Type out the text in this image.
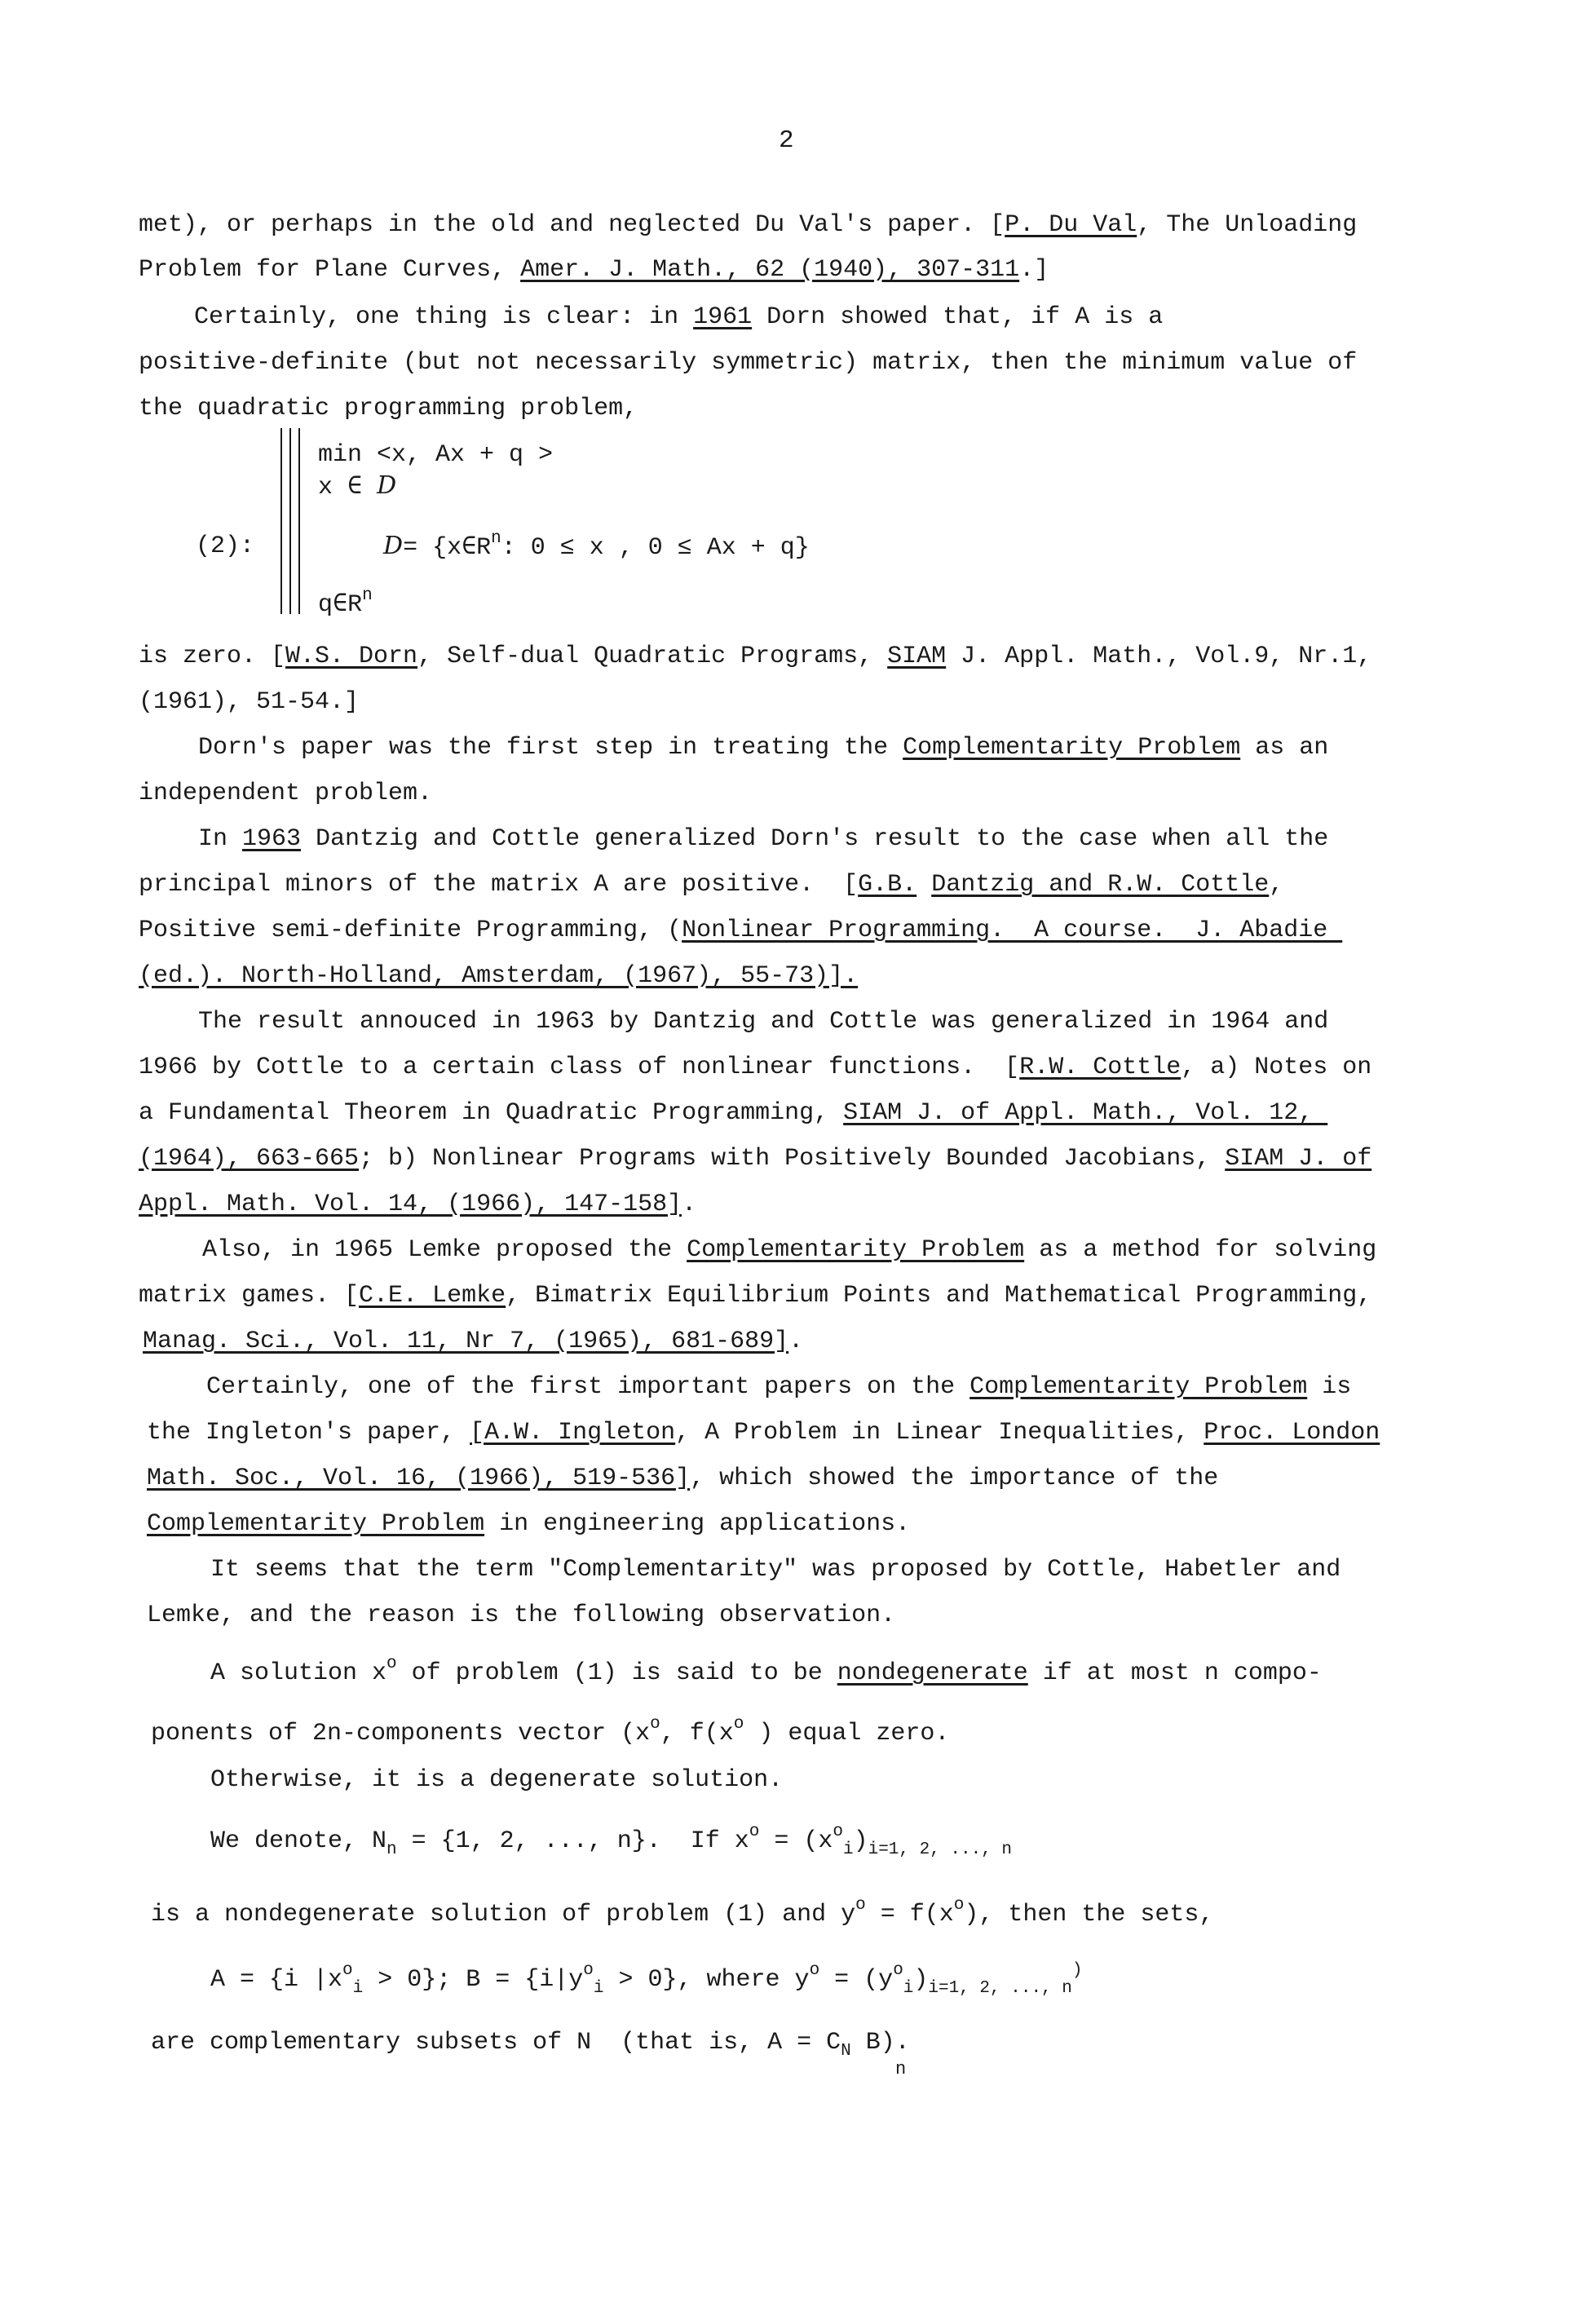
2
met), or perhaps in the old and neglected Du Val's paper. [P. Du Val, The Unloading
Problem for Plane Curves, Amer. J. Math., 62 (1940), 307-311.]
Certainly, one thing is clear: in 1961 Dorn showed that, if A is a
positive-definite (but not necessarily symmetric) matrix, then the minimum value of
the quadratic programming problem,
(2):
min <x, Ax + q >
x ∈ D
$D= \{x\in R^n$: 0 ≤ x , 0 ≤ Ax + q}
$q\in R^n$
is zero. [W.S. Dorn, Self-dual Quadratic Programs, SIAM J. Appl. Math., Vol.9, Nr.1,
(1961), 51-54.]
Dorn's paper was the first step in treating the Complementarity Problem as an
independent problem.
In 1963 Dantzig and Cottle generalized Dorn's result to the case when all the
principal minors of the matrix A are positive.  [G.B. Dantzig and R.W. Cottle,
Positive semi-definite Programming, (Nonlinear Programming.  A course.  J. Abadie
(ed.). North-Holland, Amsterdam, (1967), 55-73)].
The result annouced in 1963 by Dantzig and Cottle was generalized in 1964 and
1966 by Cottle to a certain class of nonlinear functions.  [R.W. Cottle, a) Notes on
a Fundamental Theorem in Quadratic Programming, SIAM J. of Appl. Math., Vol. 12,
(1964), 663-665; b) Nonlinear Programs with Positively Bounded Jacobians, SIAM J. of
Appl. Math. Vol. 14, (1966), 147-158].
Also, in 1965 Lemke proposed the Complementarity Problem as a method for solving
matrix games. [C.E. Lemke, Bimatrix Equilibrium Points and Mathematical Programming,
Manag. Sci., Vol. 11, Nr 7, (1965), 681-689].
Certainly, one of the first important papers on the Complementarity Problem is
the Ingleton's paper, [A.W. Ingleton, A Problem in Linear Inequalities, Proc. London
Math. Soc., Vol. 16, (1966), 519-536], which showed the importance of the
Complementarity Problem in engineering applications.
It seems that the term "Complementarity" was proposed by Cottle, Habetler and
Lemke, and the reason is the following observation.
A solution $x^o$ of problem (1) is said to be nondegenerate if at most n compo-
ponents of 2n-components vector ($x^o$, $f(x^o$ ) equal zero.
Otherwise, it is a degenerate solution.
We denote, $N_n = \{1$, 2, ..., n}.  If $x^o = (x^o_i)_{i=1, 2, ..., n}$
is a nondegenerate solution of problem (1) and $y^o = f(x^o)$, then the sets,
A = {i $|x^o_i > 0$}; $B = \{i|y^o_i > 0\}$, where $y^o = (y^o_i)_{i=1, 2, ..., n}^)$
are complementary subsets of N  (that is, $A = C_N$ B).
n
